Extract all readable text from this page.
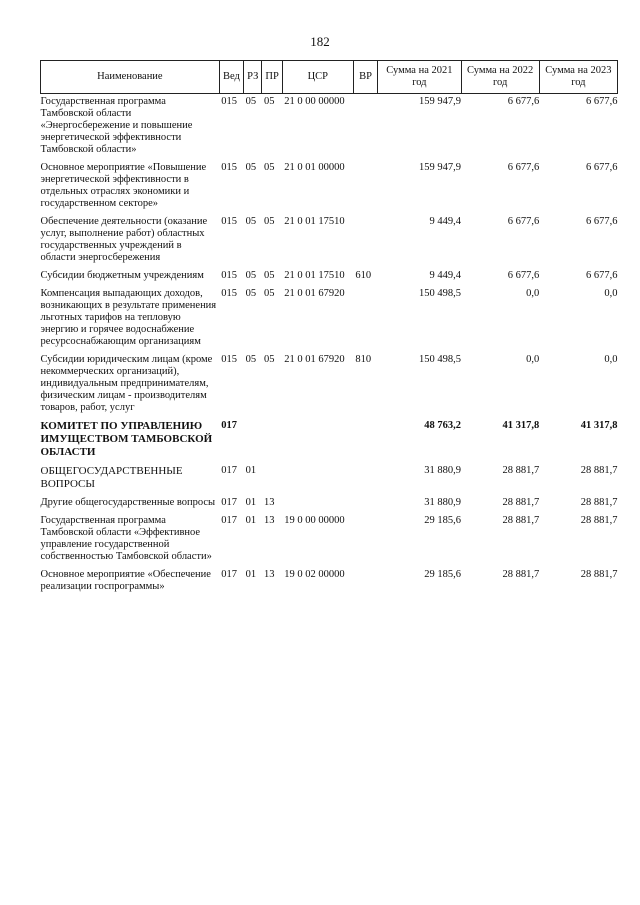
182
Наименование	Вед	РЗ	ПР	ЦСР	ВР	Сумма на 2021 год	Сумма на 2022 год	Сумма на 2023 год
Государственная программа Тамбовской области «Энергосбережение и повышение энергетической эффективности Тамбовской области»	015	05	05	21 0 00 00000		159 947,9	6 677,6	6 677,6
Основное мероприятие «Повышение энергетической эффективности в отдельных отраслях экономики и государственном секторе»	015	05	05	21 0 01 00000		159 947,9	6 677,6	6 677,6
Обеспечение деятельности (оказание услуг, выполнение работ) областных государственных учреждений в области энергосбережения	015	05	05	21 0 01 17510		9 449,4	6 677,6	6 677,6
Субсидии бюджетным учреждениям	015	05	05	21 0 01 17510	610	9 449,4	6 677,6	6 677,6
Компенсация выпадающих доходов, возникающих в результате применения льготных тарифов на тепловую энергию и горячее водоснабжение ресурсоснабжающим организациям	015	05	05	21 0 01 67920		150 498,5	0,0	0,0
Субсидии юридическим лицам (кроме некоммерческих организаций), индивидуальным предпринимателям, физическим лицам - производителям товаров, работ, услуг	015	05	05	21 0 01 67920	810	150 498,5	0,0	0,0
КОМИТЕТ ПО УПРАВЛЕНИЮ ИМУЩЕСТВОМ ТАМБОВСКОЙ ОБЛАСТИ	017					48 763,2	41 317,8	41 317,8
ОБЩЕГОСУДАРСТВЕННЫЕ ВОПРОСЫ	017	01				31 880,9	28 881,7	28 881,7
Другие общегосударственные вопросы	017	01	13			31 880,9	28 881,7	28 881,7
Государственная программа Тамбовской области «Эффективное управление государственной собственностью Тамбовской области»	017	01	13	19 0 00 00000		29 185,6	28 881,7	28 881,7
Основное мероприятие «Обеспечение реализации госпрограммы»	017	01	13	19 0 02 00000		29 185,6	28 881,7	28 881,7
